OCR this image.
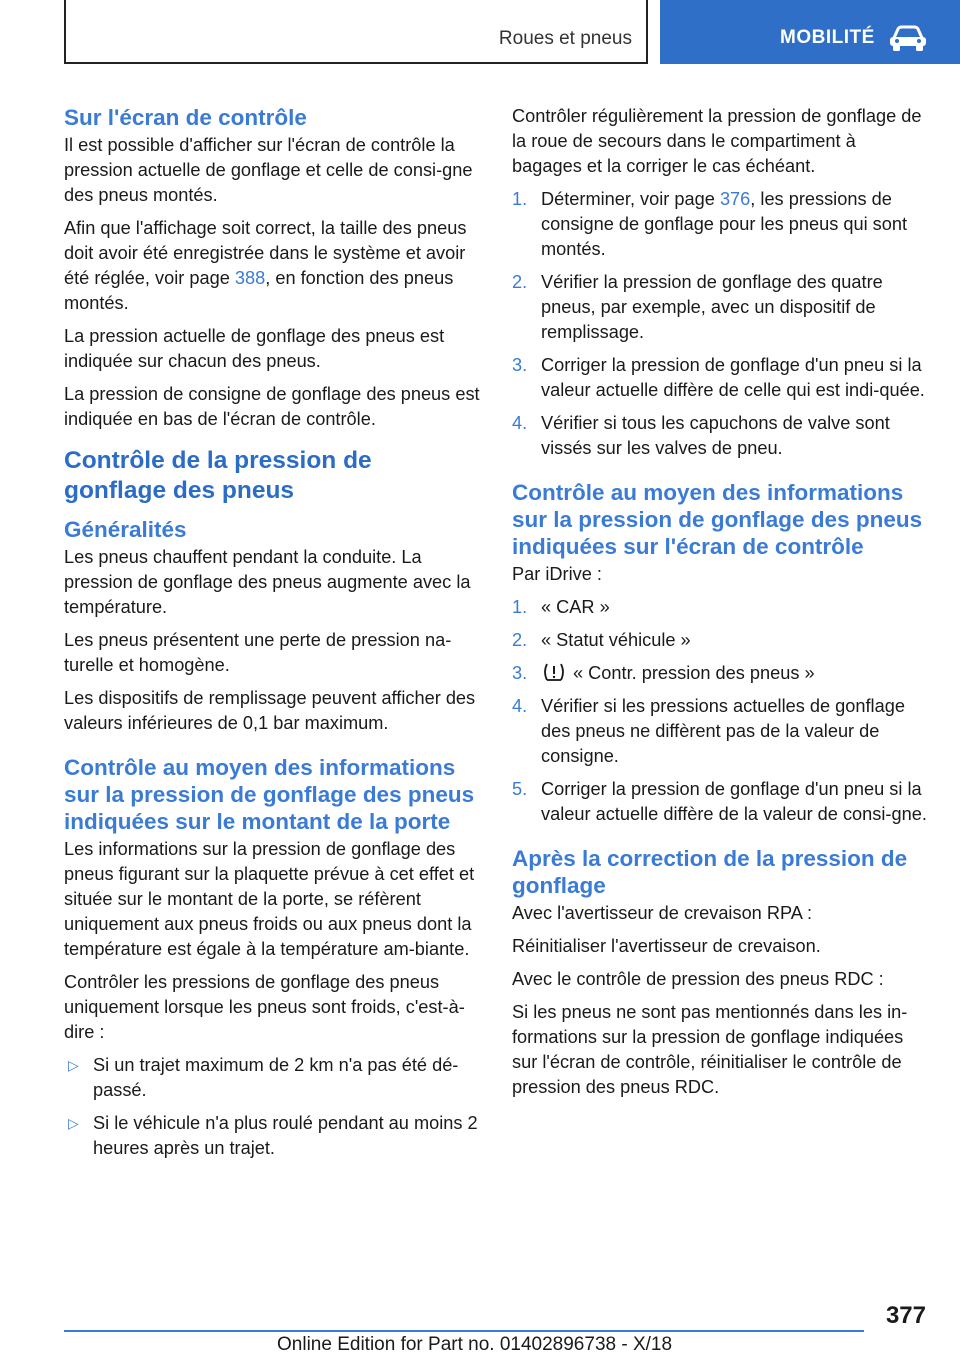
Roues et pneus	MOBILITÉ
Sur l'écran de contrôle

Il est possible d'afficher sur l'écran de contrôle la pression actuelle de gonflage et celle de consi-gne des pneus montés.

Afin que l'affichage soit correct, la taille des pneus doit avoir été enregistrée dans le système et avoir été réglée, voir page 388, en fonction des pneus montés.

La pression actuelle de gonflage des pneus est indiquée sur chacun des pneus.

La pression de consigne de gonflage des pneus est indiquée en bas de l'écran de contrôle.

Contrôle de la pression de gonflage des pneus
Généralités

Les pneus chauffent pendant la conduite. La pression de gonflage des pneus augmente avec la température.

Les pneus présentent une perte de pression na-turelle et homogène.

Les dispositifs de remplissage peuvent afficher des valeurs inférieures de 0,1 bar maximum.

Contrôle au moyen des informations sur la pression de gonflage des pneus indiquées sur le montant de la porte

Les informations sur la pression de gonflage des pneus figurant sur la plaquette prévue à cet effet et située sur le montant de la porte, se réfèrent uniquement aux pneus froids ou aux pneus dont la température est égale à la température am-biante.

Contrôler les pressions de gonflage des pneus uniquement lorsque les pneus sont froids, c'est-à-dire :

▷ Si un trajet maximum de 2 km n'a pas été dé-passé.
▷ Si le véhicule n'a plus roulé pendant au moins 2 heures après un trajet.

Contrôler régulièrement la pression de gonflage de la roue de secours dans le compartiment à bagages et la corriger le cas échéant.

1. Déterminer, voir page 376, les pressions de consigne de gonflage pour les pneus qui sont montés.
2. Vérifier la pression de gonflage des quatre pneus, par exemple, avec un dispositif de remplissage.
3. Corriger la pression de gonflage d'un pneu si la valeur actuelle diffère de celle qui est indi-quée.
4. Vérifier si tous les capuchons de valve sont vissés sur les valves de pneu.
Contrôle au moyen des informations sur la pression de gonflage des pneus indiquées sur l'écran de contrôle

Par iDrive :

1. « CAR »
2. « Statut véhicule »
3.	« Contr. pression des pneus »
4. Vérifier si les pressions actuelles de gonflage des pneus ne diffèrent pas de la valeur de consigne.
5. Corriger la pression de gonflage d'un pneu si la valeur actuelle diffère de la valeur de consi-gne.
Après la correction de la pression de gonflage

Avec l'avertisseur de crevaison RPA :

Réinitialiser l'avertisseur de crevaison.

Avec le contrôle de pression des pneus RDC :

Si les pneus ne sont pas mentionnés dans les in-formations sur la pression de gonflage indiquées sur l'écran de contrôle, réinitialiser le contrôle de pression des pneus RDC.

377
Online Edition for Part no. 01402896738 - X/18
